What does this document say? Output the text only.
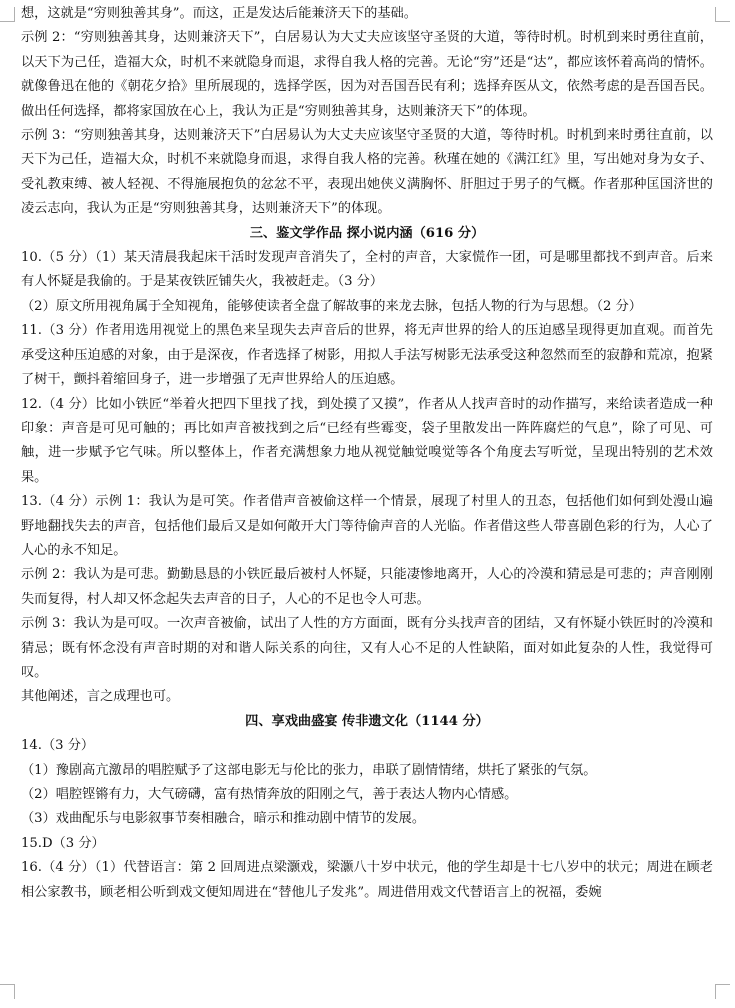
想，这就是“穷则独善其身”。而这，正是发达后能兼济天下的基础。

示例 2：“穷则独善其身，达则兼济天下”，白居易认为大丈夫应该坚守圣贤的大道，等待时机。时机到来时勇往直前，以天下为己任，造福大众，时机不来就隐身而退，求得自我人格的完善。无论“穷”还是“达”，都应该怀着高尚的情怀。就像鲁迅在他的《朝花夕拾》里所展现的，选择学医，因为对吾国吾民有利；选择弃医从文，依然考虑的是吾国吾民。做出任何选择，都将家国放在心上，我认为正是“穷则独善其身，达则兼济天下”的体现。

示例 3：“穷则独善其身，达则兼济天下”白居易认为大丈夫应该坚守圣贤的大道，等待时机。时机到来时勇往直前，以天下为己任，造福大众，时机不来就隐身而退，求得自我人格的完善。秋瑾在她的《满江红》里，写出她对身为女子、受礼教束缚、被人轻视、不得施展抱负的忿忿不平，表现出她侠义满胸怀、肝胆过于男子的气概。作者那种匡国济世的凌云志向，我认为正是“穷则独善其身，达则兼济天下”的体现。

三、鉴文学作品 探小说内涵（616 分）

10.（5 分）（1）某天清晨我起床干活时发现声音消失了，全村的声音，大家慌作一团，可是哪里都找不到声音。后来有人怀疑是我偷的。于是某夜铁匠铺失火，我被赶走。（3 分）

（2）原文所用视角属于全知视角，能够使读者全盘了解故事的来龙去脉，包括人物的行为与思想。（2 分）

11.（3 分）作者用选用视觉上的黑色来呈现失去声音后的世界，将无声世界的给人的压迫感呈现得更加直观。而首先承受这种压迫感的对象，由于是深夜，作者选择了树影，用拟人手法写树影无法承受这种忽然而至的寂静和荒凉，抱紧了树干，颤抖着缩回身子，进一步增强了无声世界给人的压迫感。

12.（4 分）比如小铁匠“举着火把四下里找了找，到处摸了又摸”，作者从人找声音时的动作描写，来给读者造成一种印象：声音是可见可触的；再比如声音被找到之后“已经有些霉变，袋子里散发出一阵阵腐烂的气息”，除了可见、可触，进一步赋予它气味。所以整体上，作者充满想象力地从视觉触觉嗅觉等各个角度去写听觉，呈现出特别的艺术效果。

13.（4 分）示例 1：我认为是可笑。作者借声音被偷这样一个情景，展现了村里人的丑态，包括他们如何到处漫山遍野地翻找失去的声音，包括他们最后又是如何敞开大门等待偷声音的人光临。作者借这些人带喜剧色彩的行为，人心了人心的永不知足。

示例 2：我认为是可悲。勤勤恳恳的小铁匠最后被村人怀疑，只能凄惨地离开，人心的冷漠和猜忌是可悲的；声音刚刚失而复得，村人却又怀念起失去声音的日子，人心的不足也令人可悲。

示例 3：我认为是可叹。一次声音被偷，试出了人性的方方面面，既有分头找声音的团结，又有怀疑小铁匠时的冷漠和猜忌；既有怀念没有声音时期的对和谐人际关系的向往，又有人心不足的人性缺陷，面对如此复杂的人性，我觉得可叹。

其他阐述，言之成理也可。

四、享戏曲盛宴 传非遗文化（1144 分）

14.（3 分）

（1）豫剧高亢激昂的唱腔赋予了这部电影无与伦比的张力，串联了剧情情绪，烘托了紧张的气氛。

（2）唱腔铿锵有力，大气磅礴，富有热情奔放的阳刚之气，善于表达人物内心情感。

（3）戏曲配乐与电影叙事节奏相融合，暗示和推动剧中情节的发展。

15.D（3 分）

16.（4 分）（1）代替语言：第 2 回周进点梁灏戏，梁灏八十岁中状元，他的学生却是十七八岁中的状元；周进在顾老相公家教书，顾老相公听到戏文便知周进在“替他儿子发兆”。周进借用戏文代替语言上的祝福，委婉
